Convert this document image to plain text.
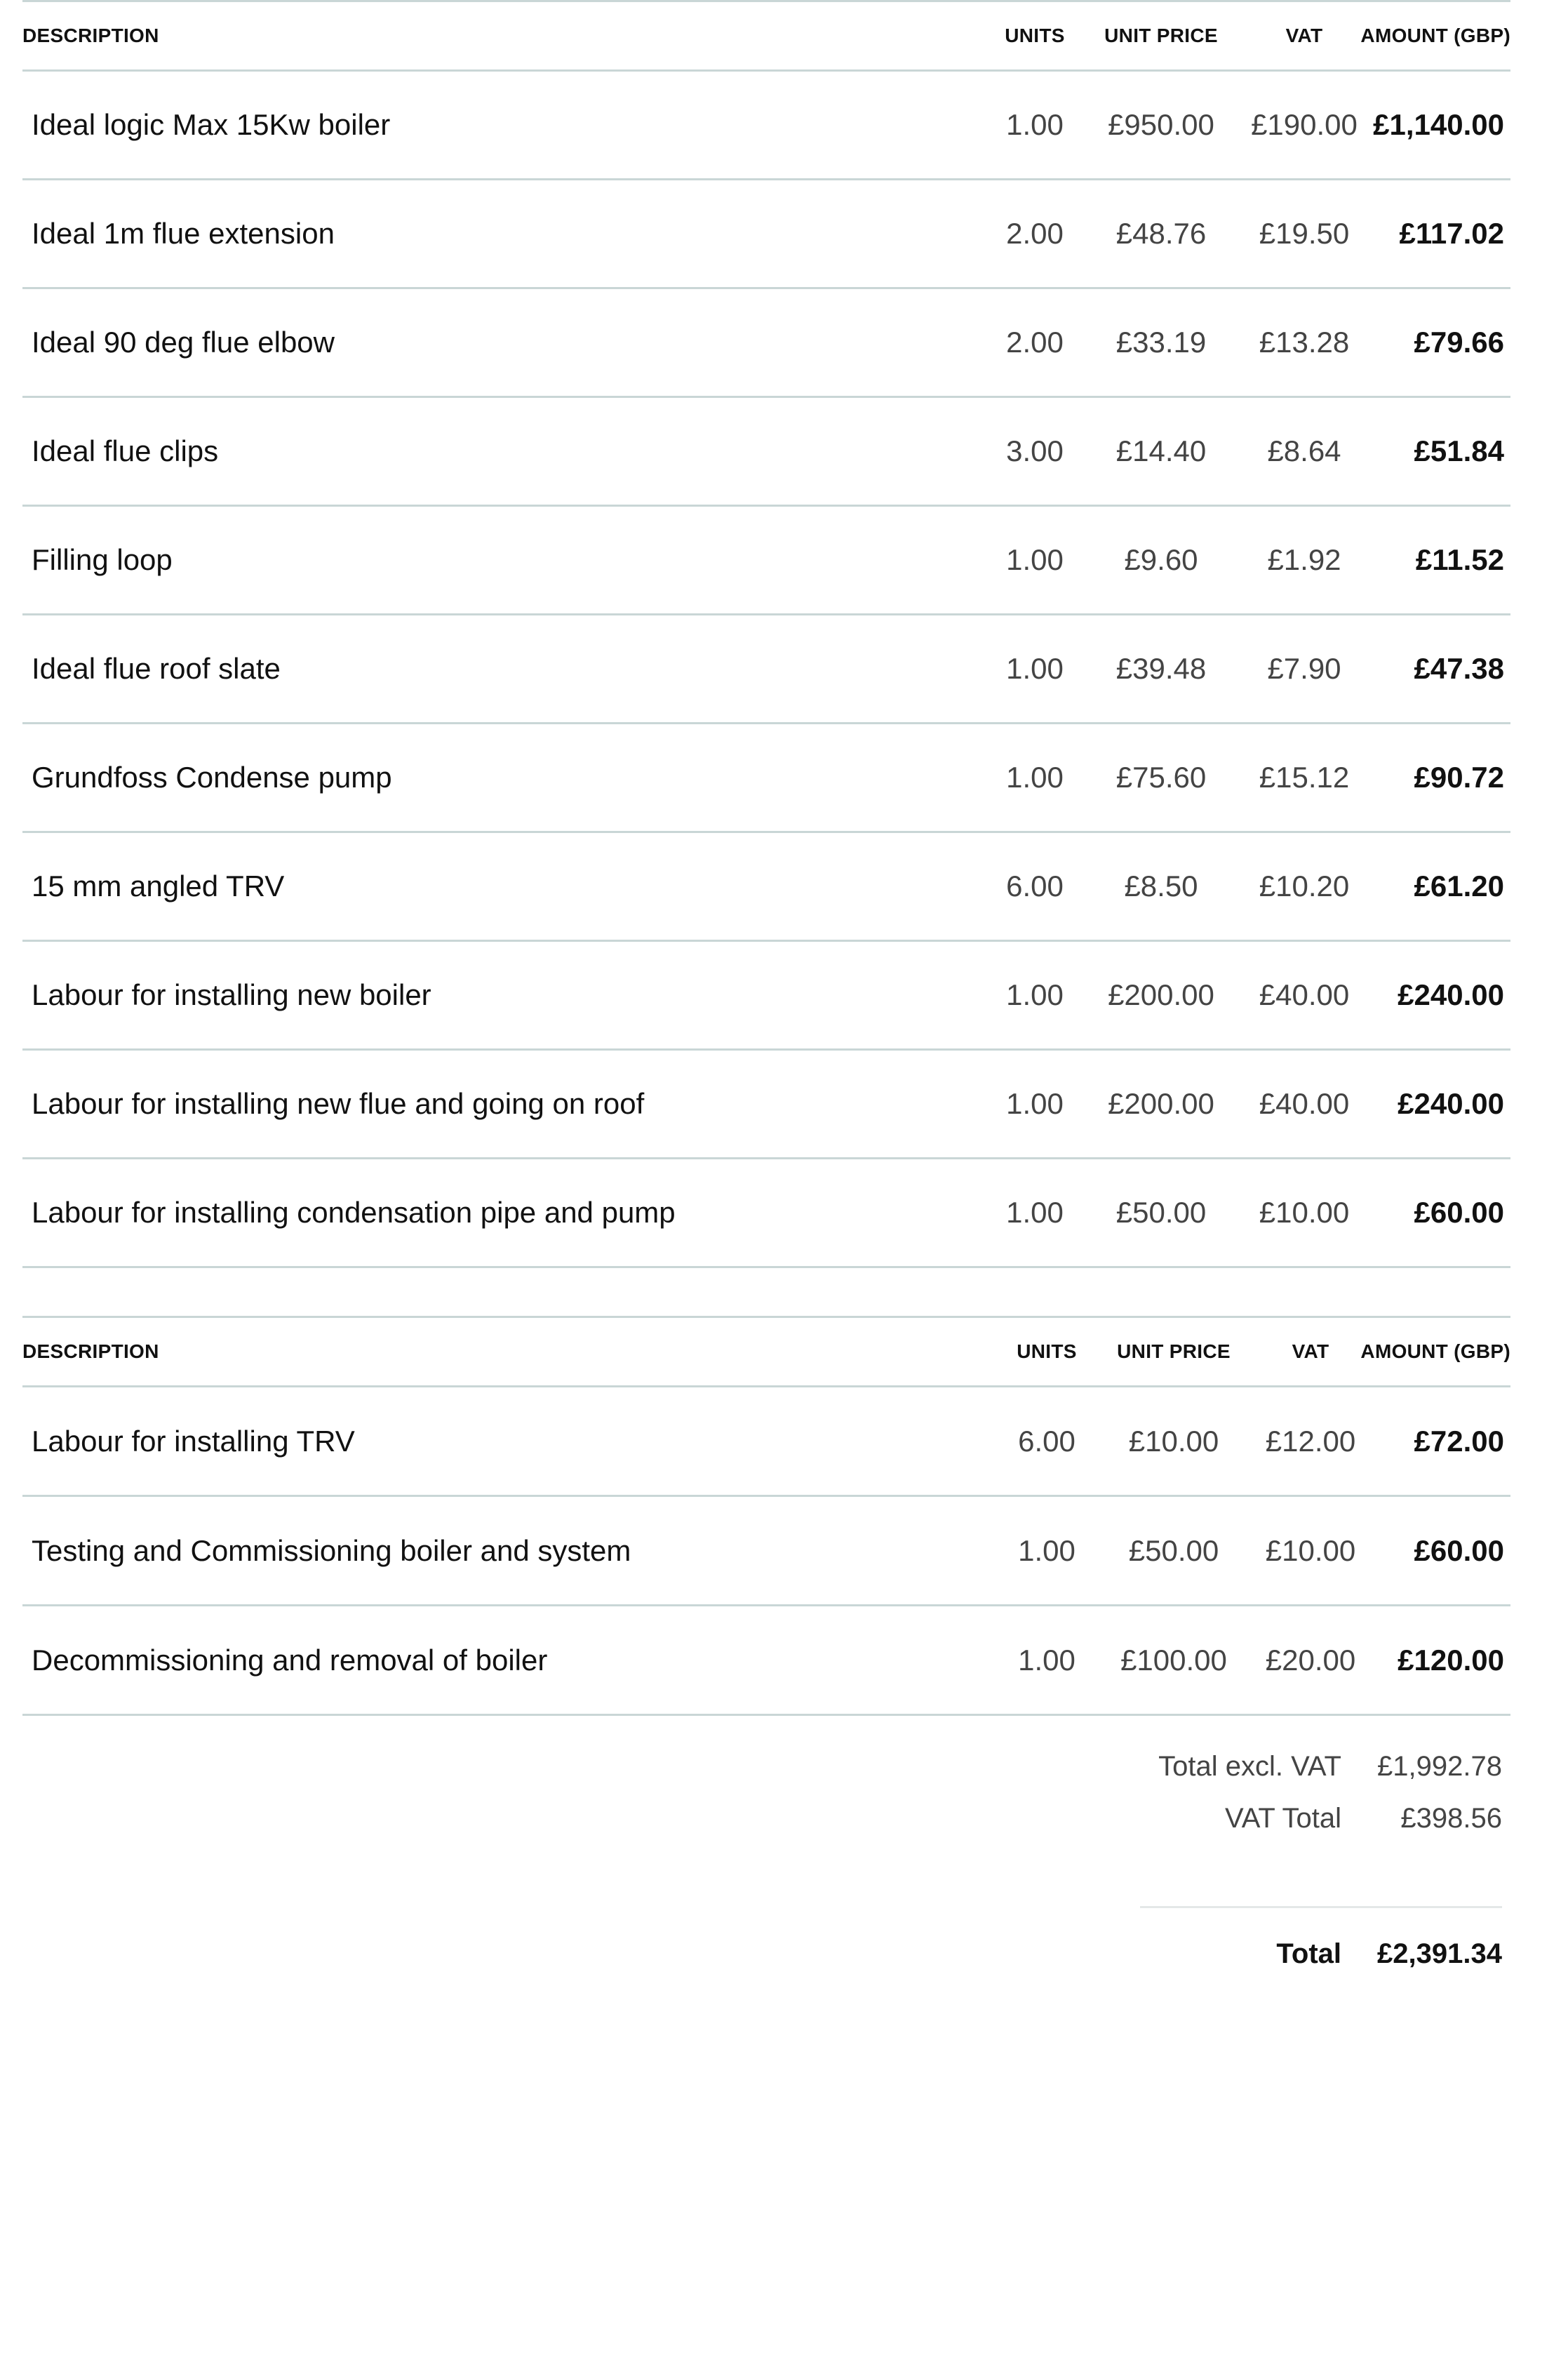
DESCRIPTION	UNITS	UNIT PRICE	VAT	AMOUNT (GBP)
Ideal logic Max 15Kw boiler	1.00	£950.00	£190.00 £1,140.00
Ideal 1m flue extension	2.00	£48.76	£19.50	£117.02
Ideal 90 deg flue elbow	2.00	£33.19	£13.28	£79.66
Ideal flue clips	3.00	£14.40	£8.64	£51.84
Filling loop	1.00	£9.60	£1.92	£11.52
Ideal flue roof slate	1.00	£39.48	£7.90	£47.38
Grundfoss Condense pump	1.00	£75.60	£15.12	£90.72
15 mm angled TRV	6.00	£8.50	£10.20	£61.20
Labour for installing new boiler	1.00	£200.00	£40.00	£240.00
Labour for installing new flue and going on roof	1.00	£200.00	£40.00	£240.00
Labour for installing condensation pipe and pump	1.00	£50.00	£10.00	£60.00
DESCRIPTION	UNITS	UNIT PRICE	VAT	AMOUNT (GBP)
Labour for installing TRV	6.00	£10.00	£12.00	£72.00
Testing and Commissioning boiler and system	1.00	£50.00	£10.00	£60.00
Decommissioning and removal of boiler	1.00	£100.00	£20.00	£120.00
Total excl. VAT £1,992.78
VAT Total £398.56
Total £2,391.34
